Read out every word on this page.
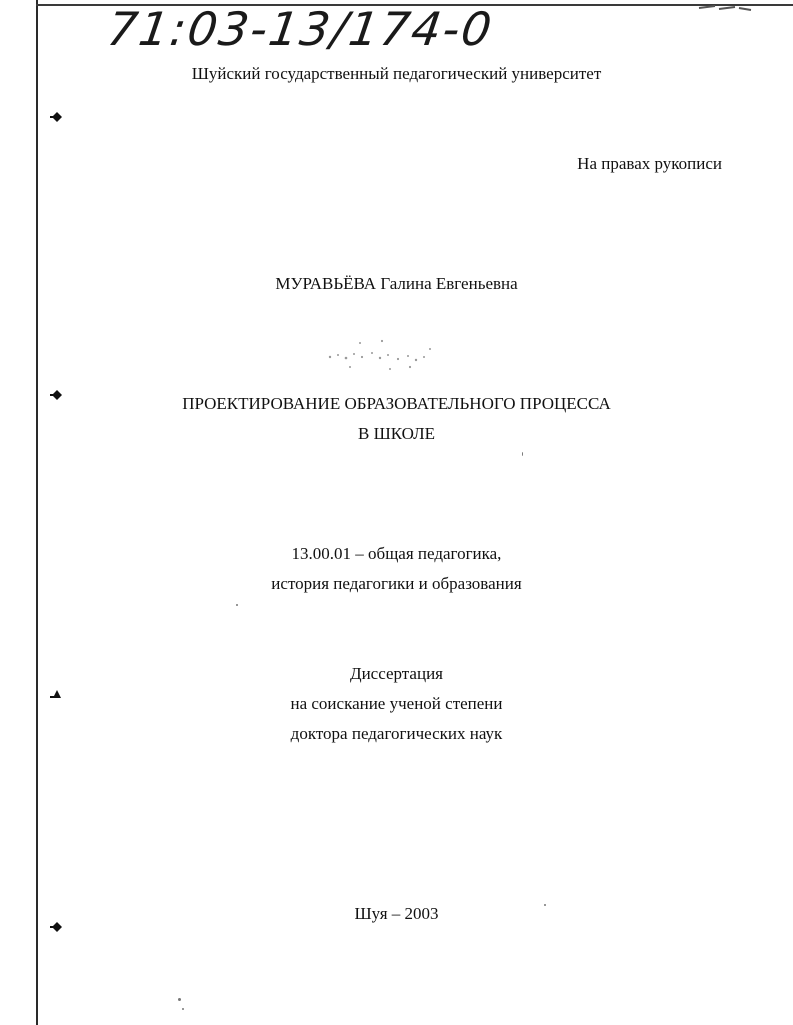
71:03-13/174-0
Шуйский государственный педагогический университет
На правах рукописи
МУРАВЬЁВА Галина Евгеньевна
ПРОЕКТИРОВАНИЕ ОБРАЗОВАТЕЛЬНОГО ПРОЦЕССА
В ШКОЛЕ
13.00.01 – общая педагогика,
история педагогики и образования
Диссертация
на соискание ученой степени
доктора педагогических наук
Шуя – 2003
